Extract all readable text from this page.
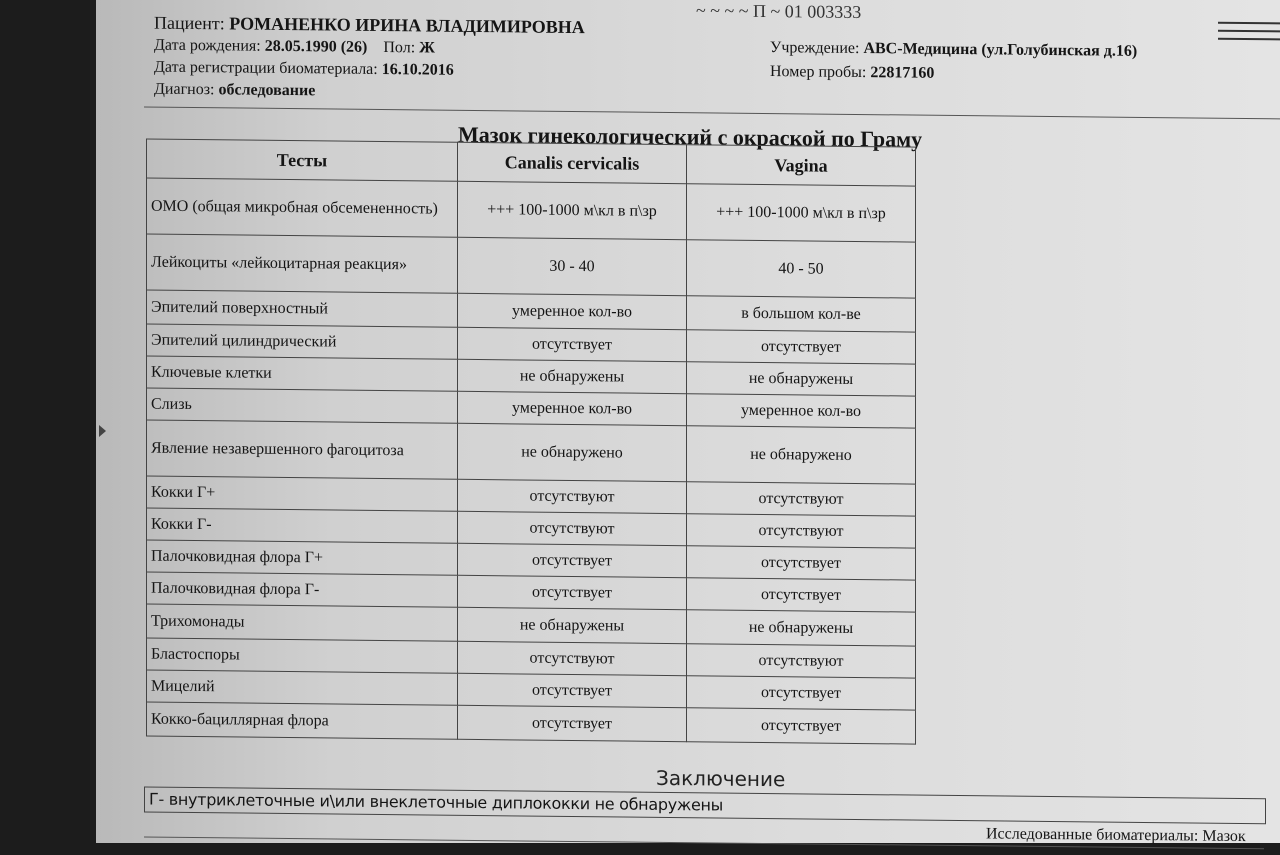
~ ~ ~ ~ П ~ 01 003333
Пациент: РОМАНЕНКО ИРИНА ВЛАДИМИРОВНА
Дата рождения: 28.05.1990 (26) Пол: Ж
Дата регистрации биоматериала: 16.10.2016
Диагноз: обследование
Учреждение: АВС-Медицина (ул.Голубинская д.16)
Номер пробы: 22817160
Мазок гинекологический с окраской по Граму
Тесты	Canalis cervicalis	Vagina
ОМО (общая микробная обсемененность)	+++ 100-1000 м\кл в п\зр	+++ 100-1000 м\кл в п\зр
Лейкоциты «лейкоцитарная реакция»	30 - 40	40 - 50
Эпителий поверхностный	умеренное кол-во	в большом кол-ве
Эпителий цилиндрический	отсутствует	отсутствует
Ключевые клетки	не обнаружены	не обнаружены
Слизь	умеренное кол-во	умеренное кол-во
Явление незавершенного фагоцитоза	не обнаружено	не обнаружено
Кокки Г+	отсутствуют	отсутствуют
Кокки Г-	отсутствуют	отсутствуют
Палочковидная флора Г+	отсутствует	отсутствует
Палочковидная флора Г-	отсутствует	отсутствует
Трихомонады	не обнаружены	не обнаружены
Бластоспоры	отсутствуют	отсутствуют
Мицелий	отсутствует	отсутствует
Кокко-бациллярная флора	отсутствует	отсутствует
Заключение
Г- внутриклеточные и\или внеклеточные диплококки не обнаружены
Исследованные биоматериалы: Мазок
